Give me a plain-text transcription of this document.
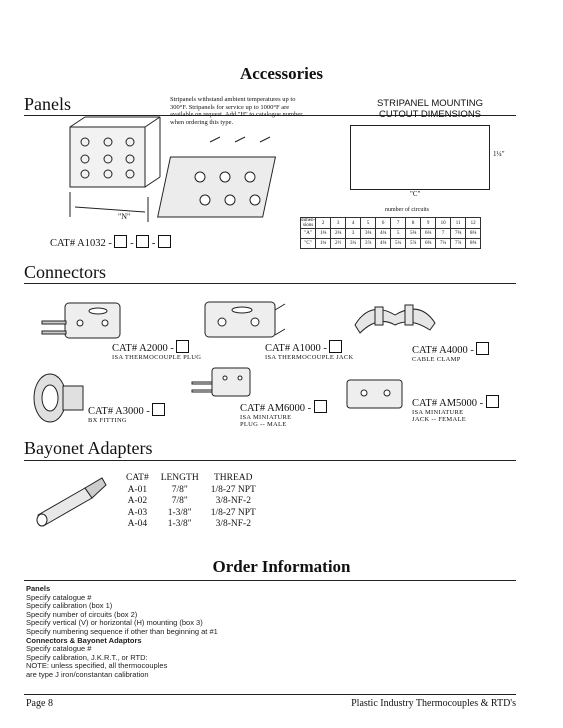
Accessories
Panels	Stripanels withstand ambient temperatures up to 300°F. Stripanels for service up to 1000°F are available on request. Add "H" to catalogue number when ordering this type.
"N"
CAT# A1032 -  -  -
STRIPANEL MOUNTING
CUTOUT DIMENSIONS
1¼"
"C"
number of circuits
dimen-sions	2	3	4	5	6	7	8	9	10	11	12
"A"	1⅝	2⅜	3	3⅝	4⅜	5	5⅝	6⅜	7	7⅝	8⅜
"C"	1¾	2½	3¼	3⅞	4⅝	5¼	5⅞	6⅝	7¼	7⅞	8⅝
Connectors
CAT# A2000 -
ISA THERMOCOUPLE PLUG
CAT# A1000 -
ISA THERMOCOUPLE JACK
CAT# A4000 -
CABLE CLAMP
CAT# A3000 -
BX FITTING
CAT# AM6000 -
ISA MINIATURE
PLUG -- MALE
CAT# AM5000 -
ISA MINIATURE
JACK -- FEMALE
Bayonet Adapters
CAT#	LENGTH	THREAD
A-01	7/8"	1/8-27 NPT
A-02	7/8"	3/8-NF-2
A-03	1-3/8"	1/8-27 NPT
A-04	1-3/8"	3/8-NF-2
Order Information
Panels
Specify catalogue #
Specify calibration (box 1)
Specify number of circuits (box 2)
Specify vertical (V) or horizontal (H) mounting (box 3)
Specify numbering sequence if other than beginning at #1
Connectors & Bayonet Adaptors
Specify catalogue #
Specify calibration, J.K.R.T., or RTD:
NOTE: unless specified, all thermocouples
are type J iron/constantan calibration
Page 8	Plastic Industry Thermocouples & RTD's
